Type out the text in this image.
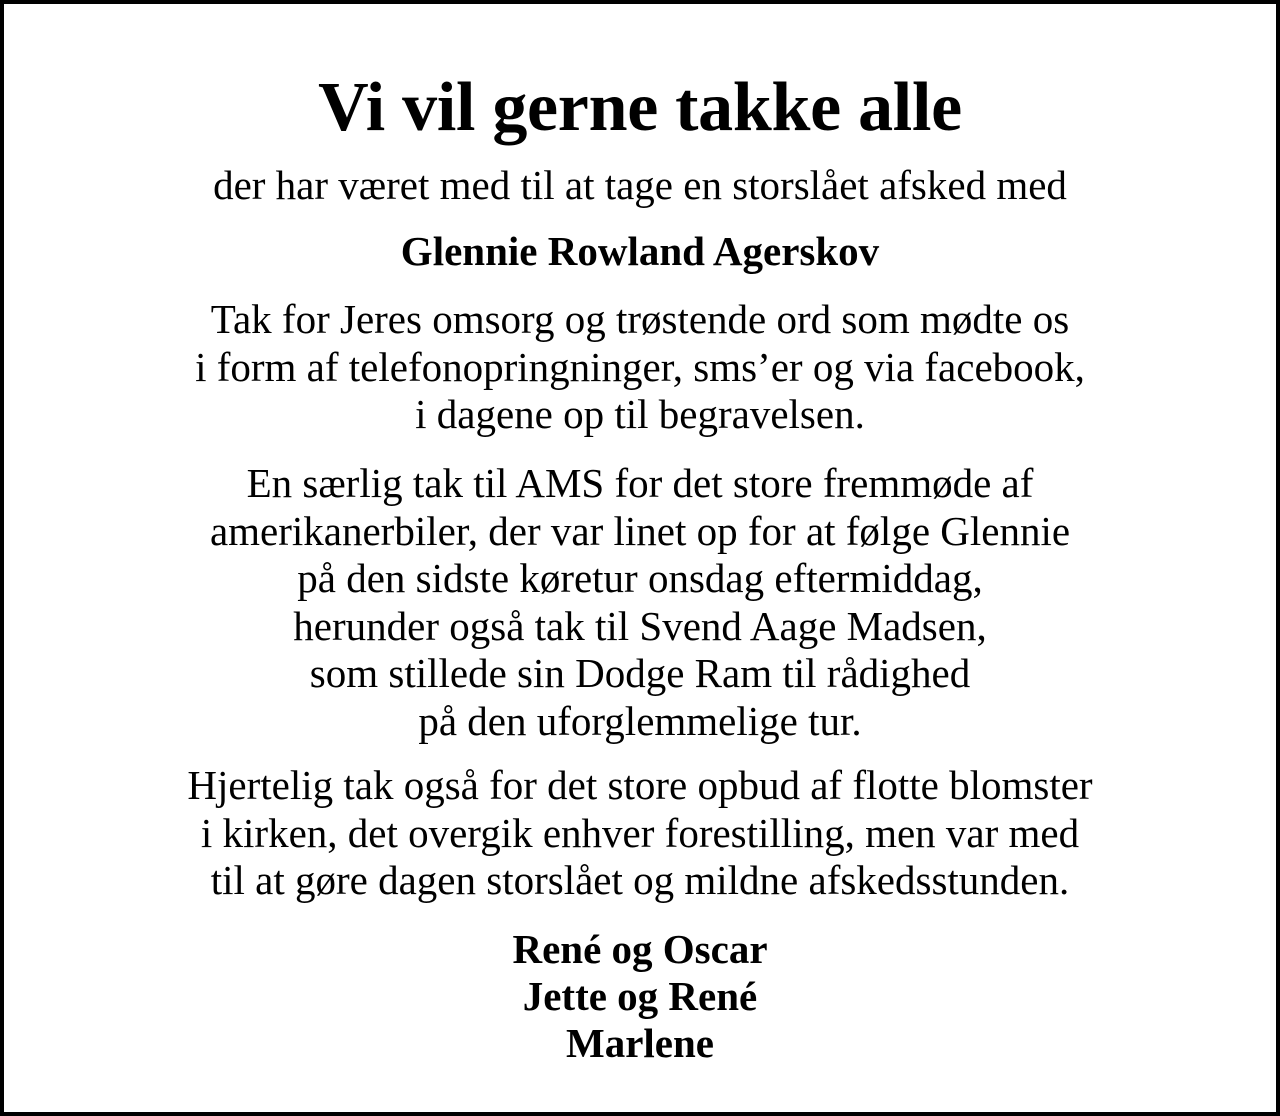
Vi vil gerne takke alle

der har været med til at tage en storslået afsked med

Glennie Rowland Agerskov

Tak for Jeres omsorg og trøstende ord som mødte os
i form af telefonopringninger, sms’er og via facebook,
i dagene op til begravelsen.

En særlig tak til AMS for det store fremmøde af
amerikanerbiler, der var linet op for at følge Glennie
på den sidste køretur onsdag eftermiddag,
herunder også tak til Svend Aage Madsen,
som stillede sin Dodge Ram til rådighed
på den uforglemmelige tur.

Hjertelig tak også for det store opbud af flotte blomster
i kirken, det overgik enhver forestilling, men var med
til at gøre dagen storslået og mildne afskedsstunden.

René og Oscar
Jette og René
Marlene
